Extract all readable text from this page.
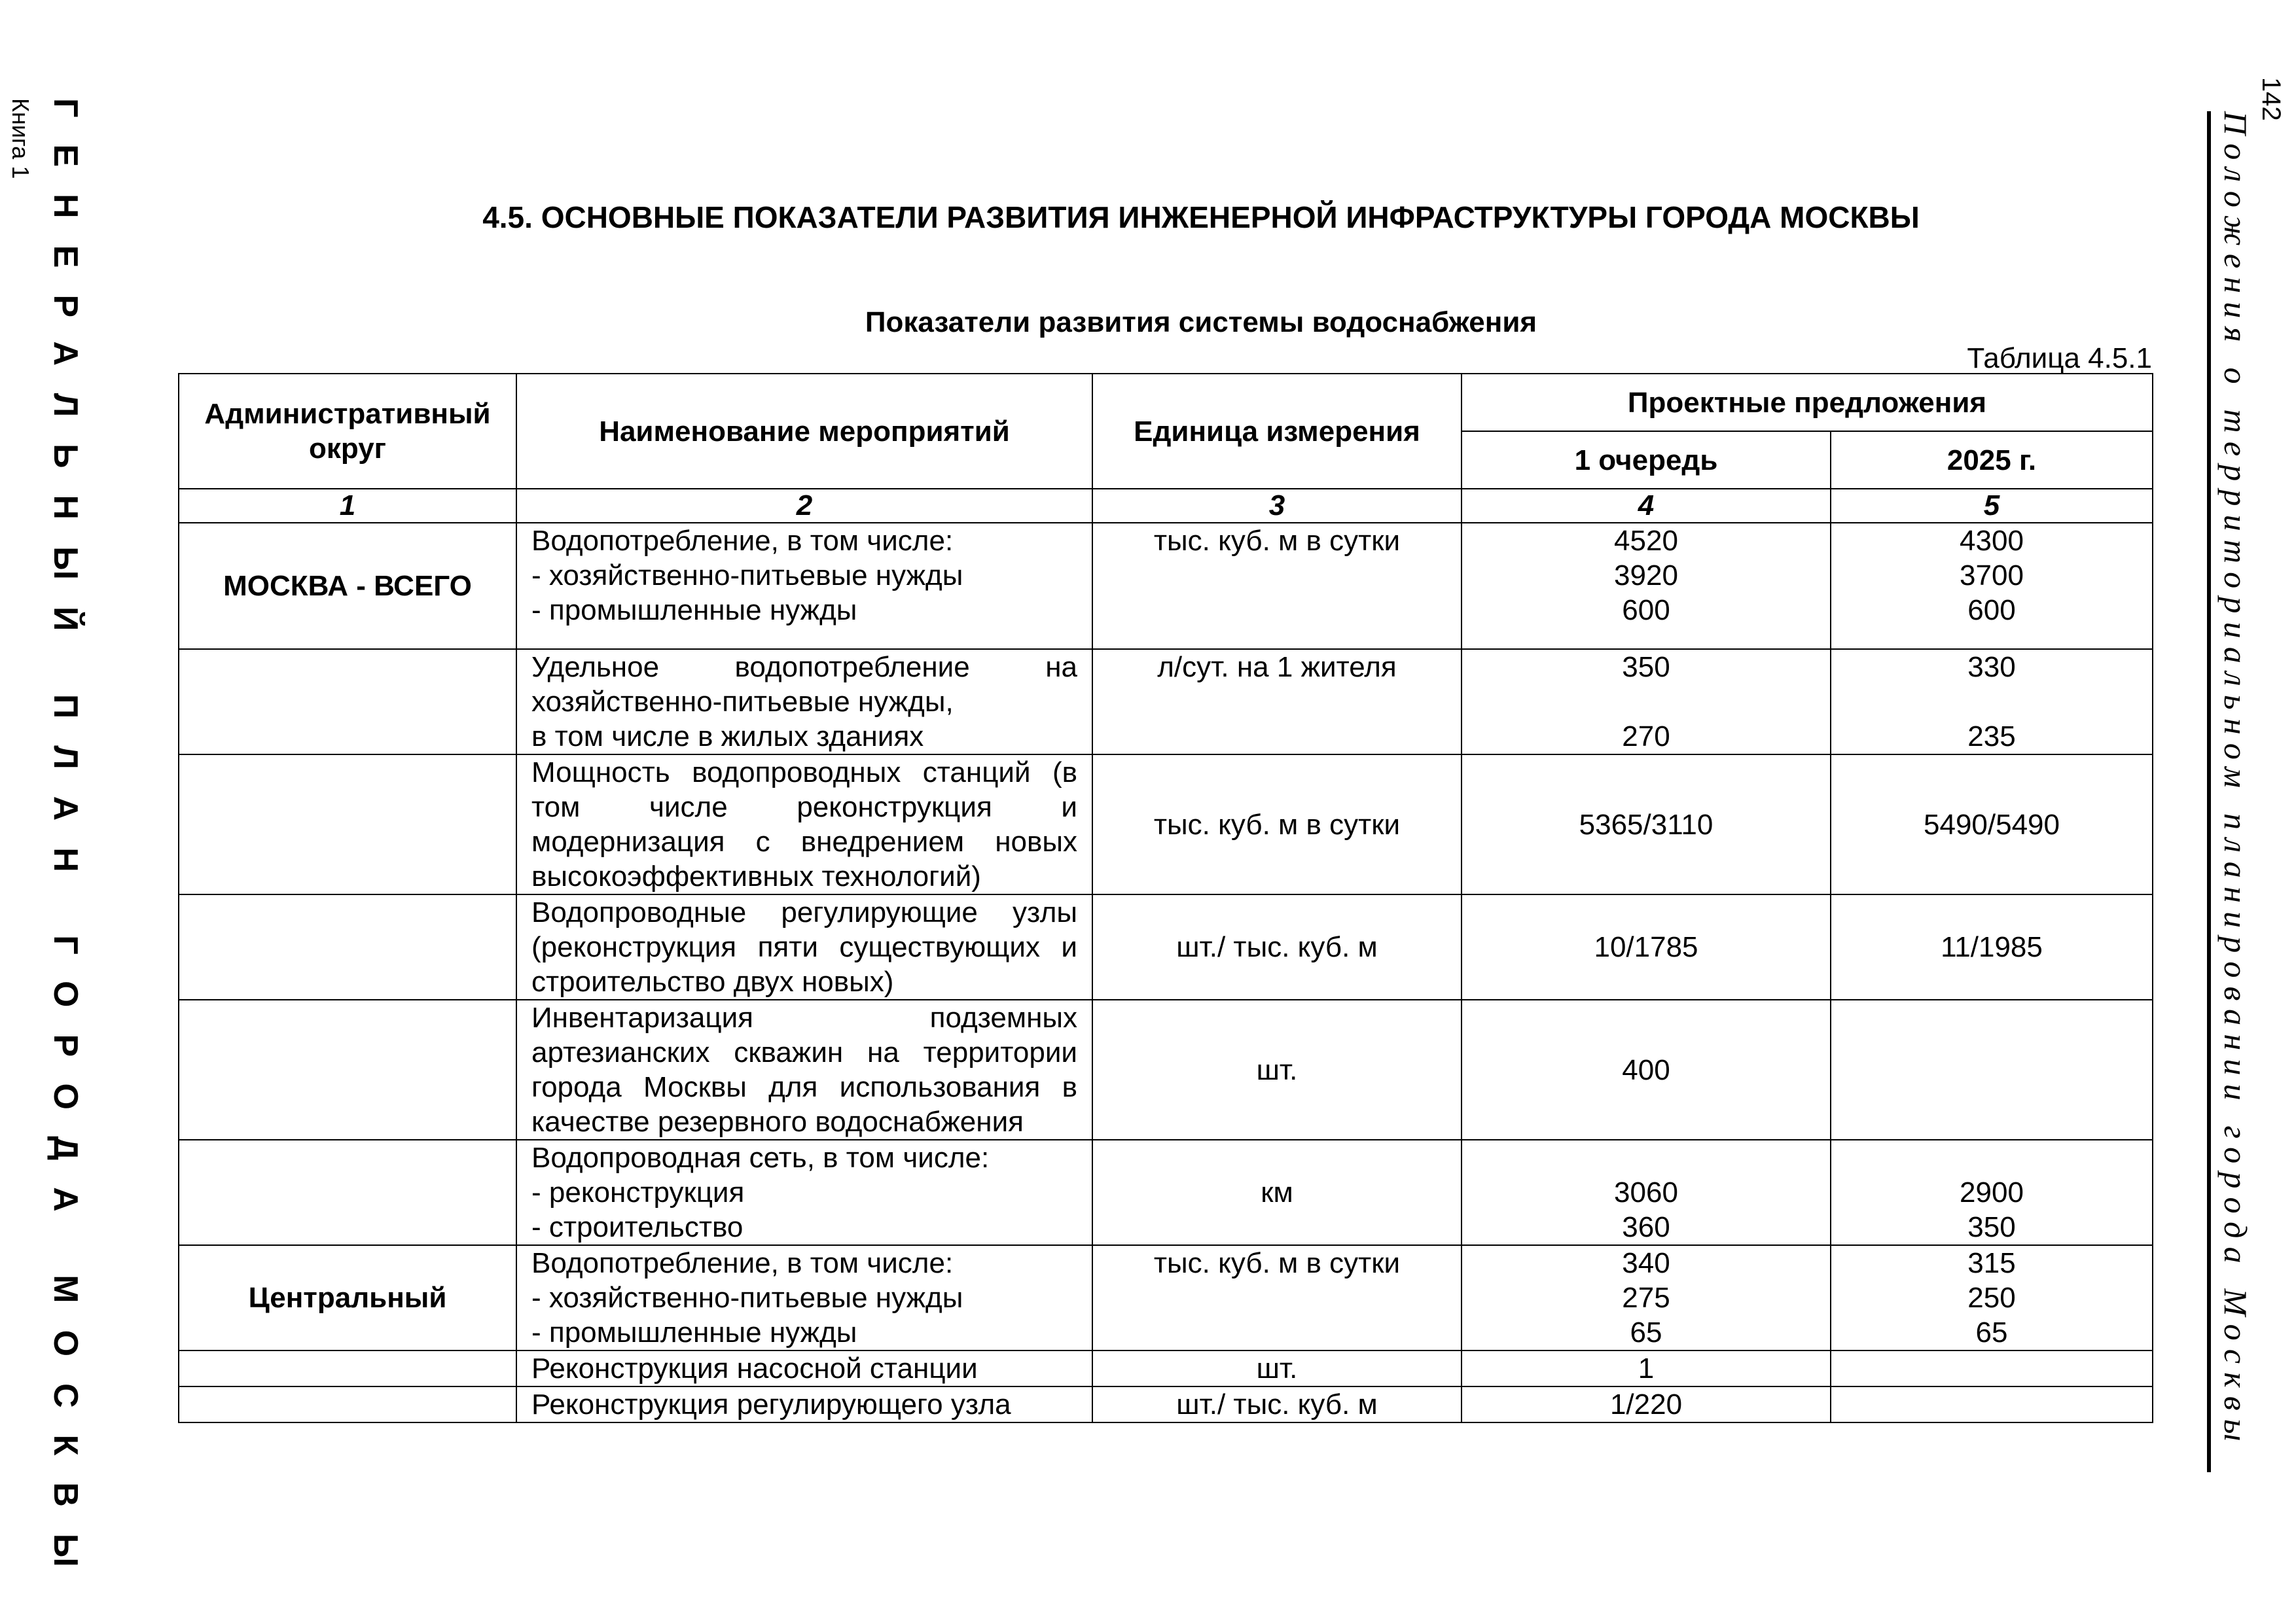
ГЕНЕРАЛЬНЫЙ ПЛАН ГОРОДА МОСКВЫ
Книга 1	Положения о территориальном планировании города Москвы
142
4.5. ОСНОВНЫЕ ПОКАЗАТЕЛИ РАЗВИТИЯ ИНЖЕНЕРНОЙ ИНФРАСТРУКТУРЫ ГОРОДА МОСКВЫ
Показатели развития системы водоснабжения
Таблица 4.5.1
Административный округ	Наименование мероприятий	Единица измерения	Проектные предложения	
			1 очередь	2025 г.
1	2	3	4	5
МОСКВА - ВСЕГО	Водопотребление, в том числе:
- хозяйственно-питьевые нужды
- промышленные нужды	тыс. куб. м в сутки	4520
3920
600	4300
3700
600

	Удельное водопотребление на хозяйственно-питьевые нужды,
в том числе в жилых зданиях	л/сут. на 1 жителя	350

270	330

235

	Мощность водопроводных станций (в том числе реконструкция и модернизация с внедрением новых высокоэффективных технологий)	тыс. куб. м в сутки	5365/3110	5490/5490
	Водопроводные регулирующие узлы (реконструкция пяти существующих и строительство двух новых)	шт./ тыс. куб. м	10/1785	11/1985
	Инвентаризация подземных артезианских скважин на территории города Москвы для использования в качестве резервного водоснабжения	шт.	400	

	Водопроводная сеть, в том числе:
- реконструкция
- строительство	км	3060
360	2900
350

Центральный	Водопотребление, в том числе:
- хозяйственно-питьевые нужды
- промышленные нужды	тыс. куб. м в сутки	340
275
65	315
250
65

	Реконструкция насосной станции	шт.	1	
	Реконструкция регулирующего узла	шт./ тыс. куб. м	1/220	
